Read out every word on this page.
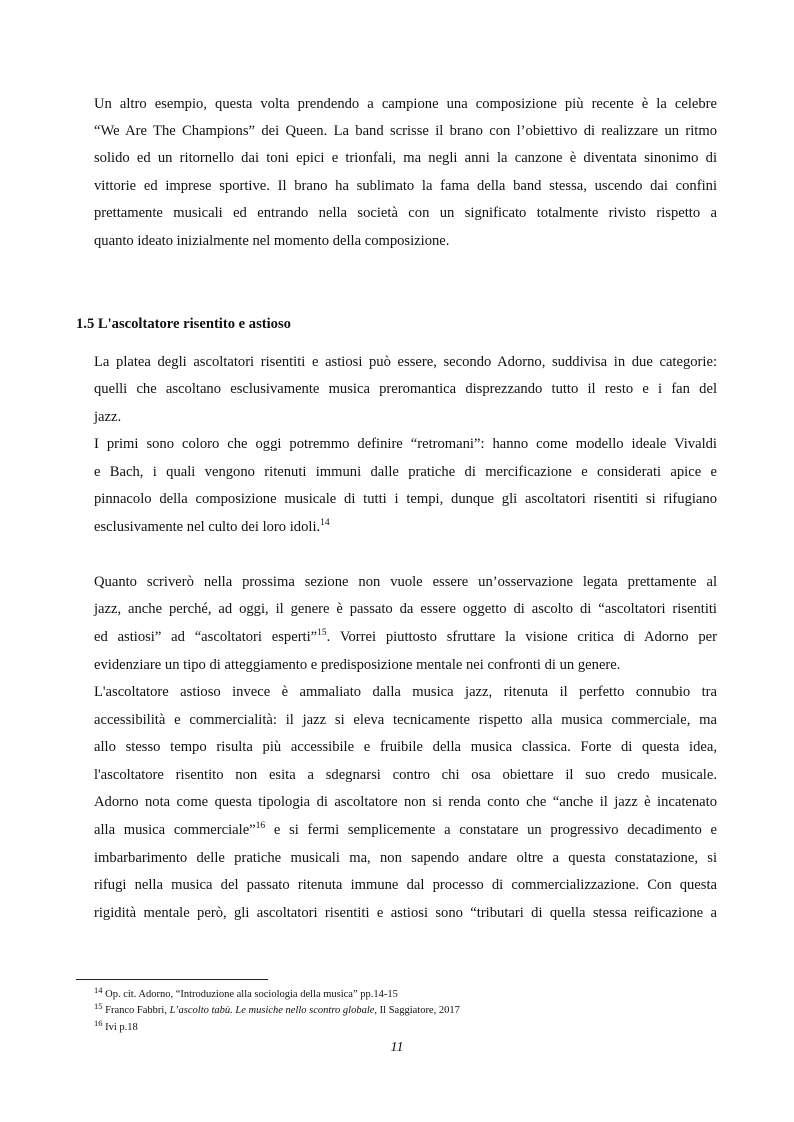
Un altro esempio, questa volta prendendo a campione una composizione più recente è la celebre
“We Are The Champions” dei Queen. La band scrisse il brano con l’obiettivo di realizzare un ritmo
solido ed un ritornello dai toni epici e trionfali, ma negli anni la canzone è diventata sinonimo di
vittorie ed imprese sportive. Il brano ha sublimato la fama della band stessa, uscendo dai confini
prettamente musicali ed entrando nella società con un significato totalmente rivisto rispetto a
quanto ideato inizialmente nel momento della composizione.
1.5 L'ascoltatore risentito e astioso
La platea degli ascoltatori risentiti e astiosi può essere, secondo Adorno, suddivisa in due categorie:
quelli che ascoltano esclusivamente musica preromantica disprezzando tutto il resto e i fan del
jazz.
I primi sono coloro che oggi potremmo definire “retromani”: hanno come modello ideale Vivaldi
e Bach, i quali vengono ritenuti immuni dalle pratiche di mercificazione e considerati apice e
pinnacolo della composizione musicale di tutti i tempi, dunque gli ascoltatori risentiti si rifugiano
esclusivamente nel culto dei loro idoli.$^{14}$
Quanto scriverò nella prossima sezione non vuole essere un’osservazione legata prettamente al
jazz, anche perché, ad oggi, il genere è passato da essere oggetto di ascolto di “ascoltatori risentiti
ed astiosi” ad “ascoltatori esperti”$^{15}$. Vorrei piuttosto sfruttare la visione critica di Adorno per
evidenziare un tipo di atteggiamento e predisposizione mentale nei confronti di un genere.
L'ascoltatore astioso invece è ammaliato dalla musica jazz, ritenuta il perfetto connubio tra
accessibilità e commercialità: il jazz si eleva tecnicamente rispetto alla musica commerciale, ma
allo stesso tempo risulta più accessibile e fruibile della musica classica. Forte di questa idea,
l'ascoltatore risentito non esita a sdegnarsi contro chi osa obiettare il suo credo musicale.
Adorno nota come questa tipologia di ascoltatore non si renda conto che “anche il jazz è incatenato
alla musica commerciale”$^{16}$ e si fermi semplicemente a constatare un progressivo decadimento e
imbarbarimento delle pratiche musicali ma, non sapendo andare oltre a questa constatazione, si
rifugi nella musica del passato ritenuta immune dal processo di commercializzazione. Con questa
rigidità mentale però, gli ascoltatori risentiti e astiosi sono “tributari di quella stessa reificazione a
$^{14}$ Op. cit. Adorno, “Introduzione alla sociologia della musica” pp.14-15
$^{15}$ Franco Fabbri, L’ascolto tabù. Le musiche nello scontro globale, Il Saggiatore, 2017
$^{16}$ Ivi p.18
11
